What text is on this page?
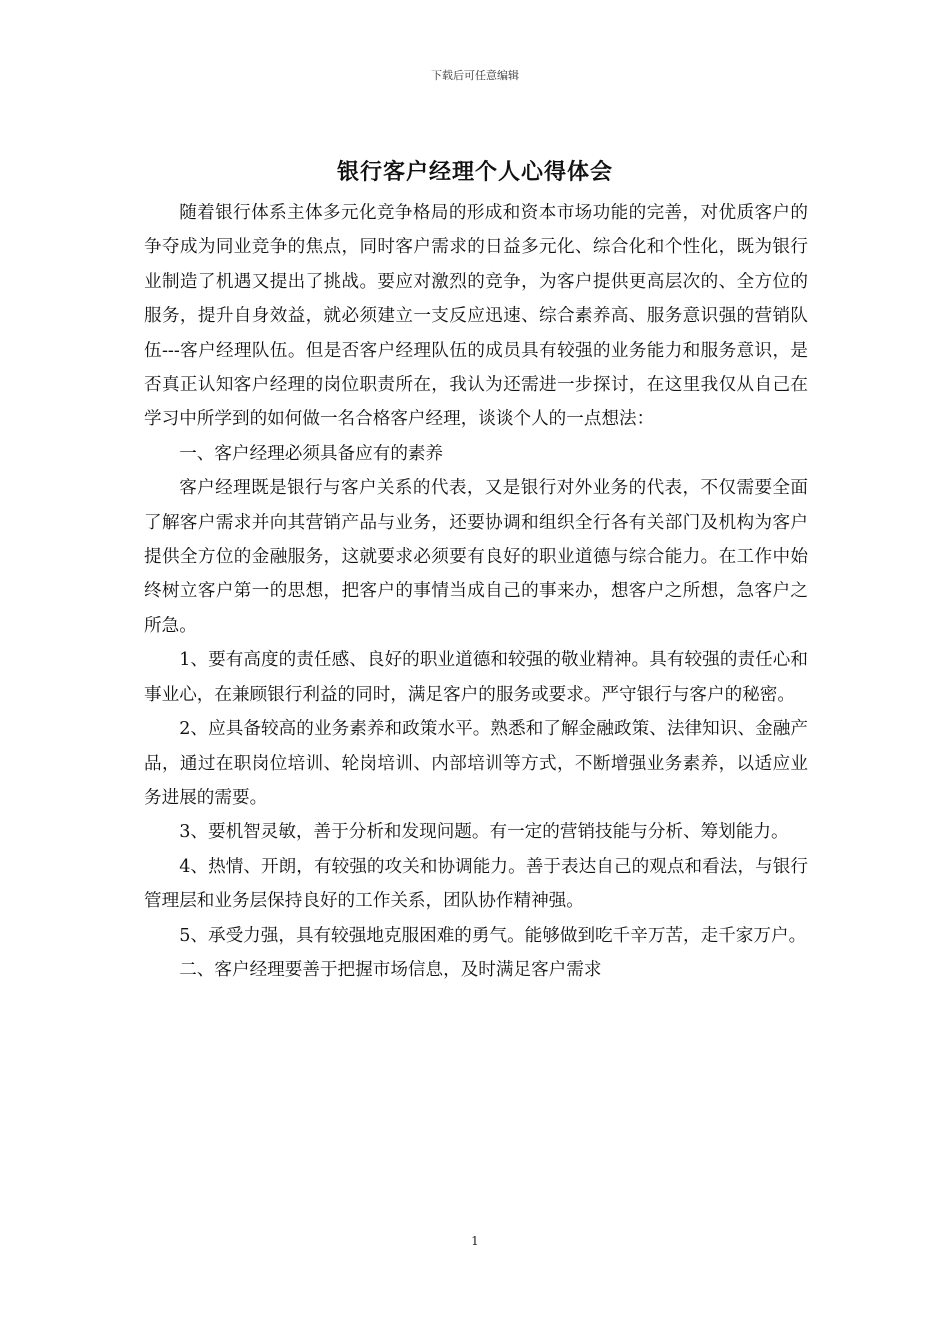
下载后可任意编辑
银行客户经理个人心得体会

随着银行体系主体多元化竞争格局的形成和资本市场功能的完善，对优质客户的争夺成为同业竞争的焦点，同时客户需求的日益多元化、综合化和个性化，既为银行业制造了机遇又提出了挑战。要应对激烈的竞争，为客户提供更高层次的、全方位的服务，提升自身效益，就必须建立一支反应迅速、综合素养高、服务意识强的营销队伍---客户经理队伍。但是否客户经理队伍的成员具有较强的业务能力和服务意识，是否真正认知客户经理的岗位职责所在，我认为还需进一步探讨，在这里我仅从自己在学习中所学到的如何做一名合格客户经理，谈谈个人的一点想法：

一、客户经理必须具备应有的素养

客户经理既是银行与客户关系的代表，又是银行对外业务的代表，不仅需要全面了解客户需求并向其营销产品与业务，还要协调和组织全行各有关部门及机构为客户提供全方位的金融服务，这就要求必须要有良好的职业道德与综合能力。在工作中始终树立客户第一的思想，把客户的事情当成自己的事来办，想客户之所想，急客户之所急。

1、要有高度的责任感、良好的职业道德和较强的敬业精神。具有较强的责任心和事业心，在兼顾银行利益的同时，满足客户的服务或要求。严守银行与客户的秘密。

2、应具备较高的业务素养和政策水平。熟悉和了解金融政策、法律知识、金融产品，通过在职岗位培训、轮岗培训、内部培训等方式，不断增强业务素养，以适应业务进展的需要。

3、要机智灵敏，善于分析和发现问题。有一定的营销技能与分析、筹划能力。

4、热情、开朗，有较强的攻关和协调能力。善于表达自己的观点和看法，与银行管理层和业务层保持良好的工作关系，团队协作精神强。

5、承受力强，具有较强地克服困难的勇气。能够做到吃千辛万苦，走千家万户。

二、客户经理要善于把握市场信息，及时满足客户需求

1
